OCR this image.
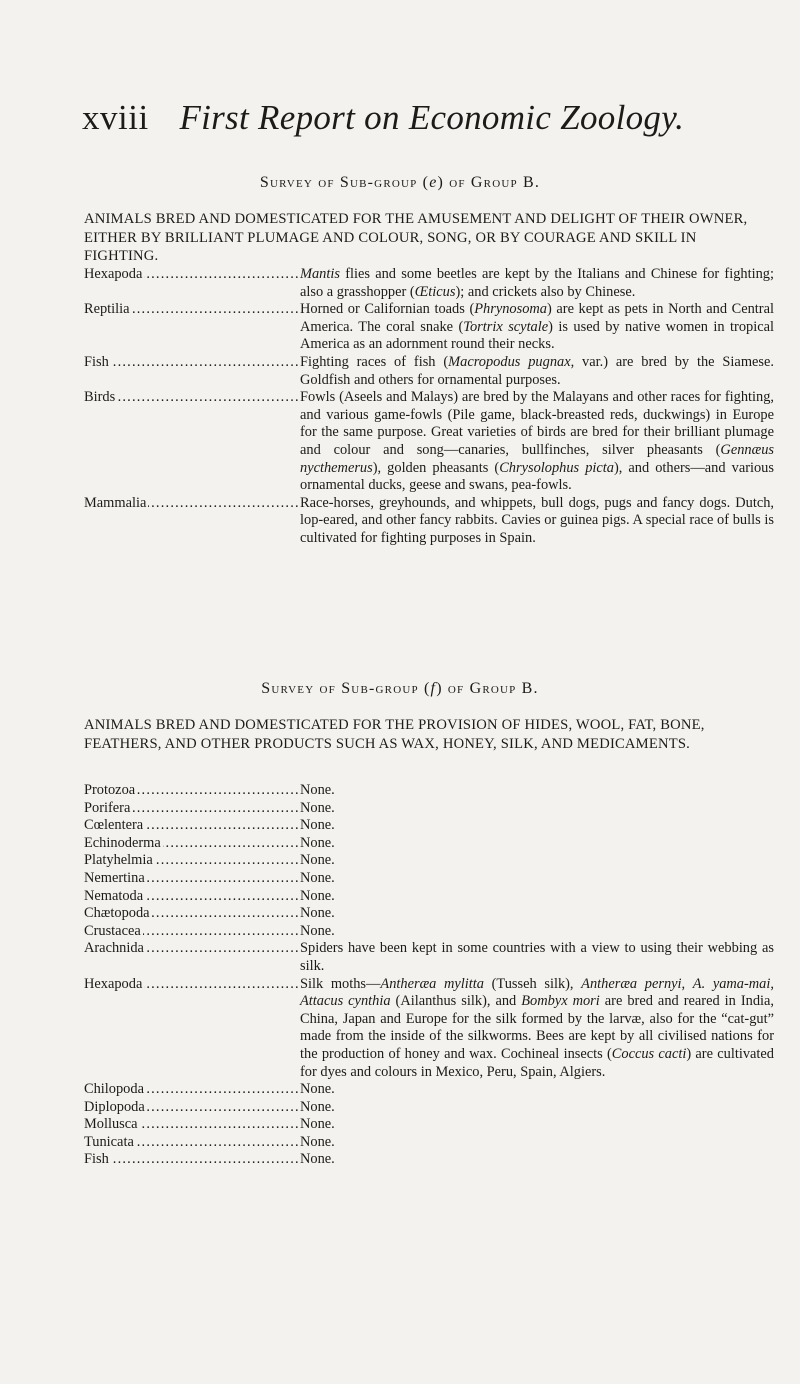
xviii First Report on Economic Zoology.
Survey of Sub-group (e) of Group B.
ANIMALS BRED AND DOMESTICATED FOR THE AMUSEMENT AND DELIGHT OF THEIR OWNER, EITHER BY BRILLIANT PLUMAGE AND COLOUR, SONG, OR BY COURAGE AND SKILL IN FIGHTING.
Hexapoda . . .	Mantis flies and some beetles are kept by the Italians and Chinese for fighting; also a grasshopper (Œticus); and crickets also by Chinese.
Reptilia . . .	Horned or Californian toads (Phrynosoma) are kept as pets in North and Central America. The coral snake (Tortrix scytale) is used by native women in tropical America as an adornment round their necks.
Fish . . .	Fighting races of fish (Macropodus pugnax, var.) are bred by the Siamese. Goldfish and others for ornamental purposes.
Birds . . .	Fowls (Aseels and Malays) are bred by the Malayans and other races for fighting, and various game-fowls (Pile game, black-breasted reds, duckwings) in Europe for the same purpose. Great varieties of birds are bred for their brilliant plumage and colour and song—canaries, bullfinches, silver pheasants (Gennæus nycthemerus), golden pheasants (Chrysolophus picta), and others—and various ornamental ducks, geese and swans, pea-fowls.
Mammalia . . .	Race-horses, greyhounds, and whippets, bull dogs, pugs and fancy dogs. Dutch, lop-eared, and other fancy rabbits. Cavies or guinea pigs. A special race of bulls is cultivated for fighting purposes in Spain.
Survey of Sub-group (f) of Group B.
ANIMALS BRED AND DOMESTICATED FOR THE PROVISION OF HIDES, WOOL, FAT, BONE, FEATHERS, AND OTHER PRODUCTS SUCH AS WAX, HONEY, SILK, AND MEDICAMENTS.
Protozoa . . .	None.
Porifera . . .	None.
Cœlentera . . .	None.
Echinoderma . . .	None.
Platyhelmia . . .	None.
Nemertina . . .	None.
Nematoda . . .	None.
Chætopoda . . .	None.
Crustacea . . .	None.
Arachnida . . .	Spiders have been kept in some countries with a view to using their webbing as silk.
Hexapoda . . .	Silk moths—Antheræa mylitta (Tusseh silk), Antheræa pernyi, A. yama-mai, Attacus cynthia (Ailanthus silk), and Bombyx mori are bred and reared in India, China, Japan and Europe for the silk formed by the larvæ, also for the “cat-gut” made from the inside of the silkworms. Bees are kept by all civilised nations for the production of honey and wax. Cochineal insects (Coccus cacti) are cultivated for dyes and colours in Mexico, Peru, Spain, Algiers.
Chilopoda . . .	None.
Diplopoda . . .	None.
Mollusca . . .	None.
Tunicata . . .	None.
Fish . . .	None.
